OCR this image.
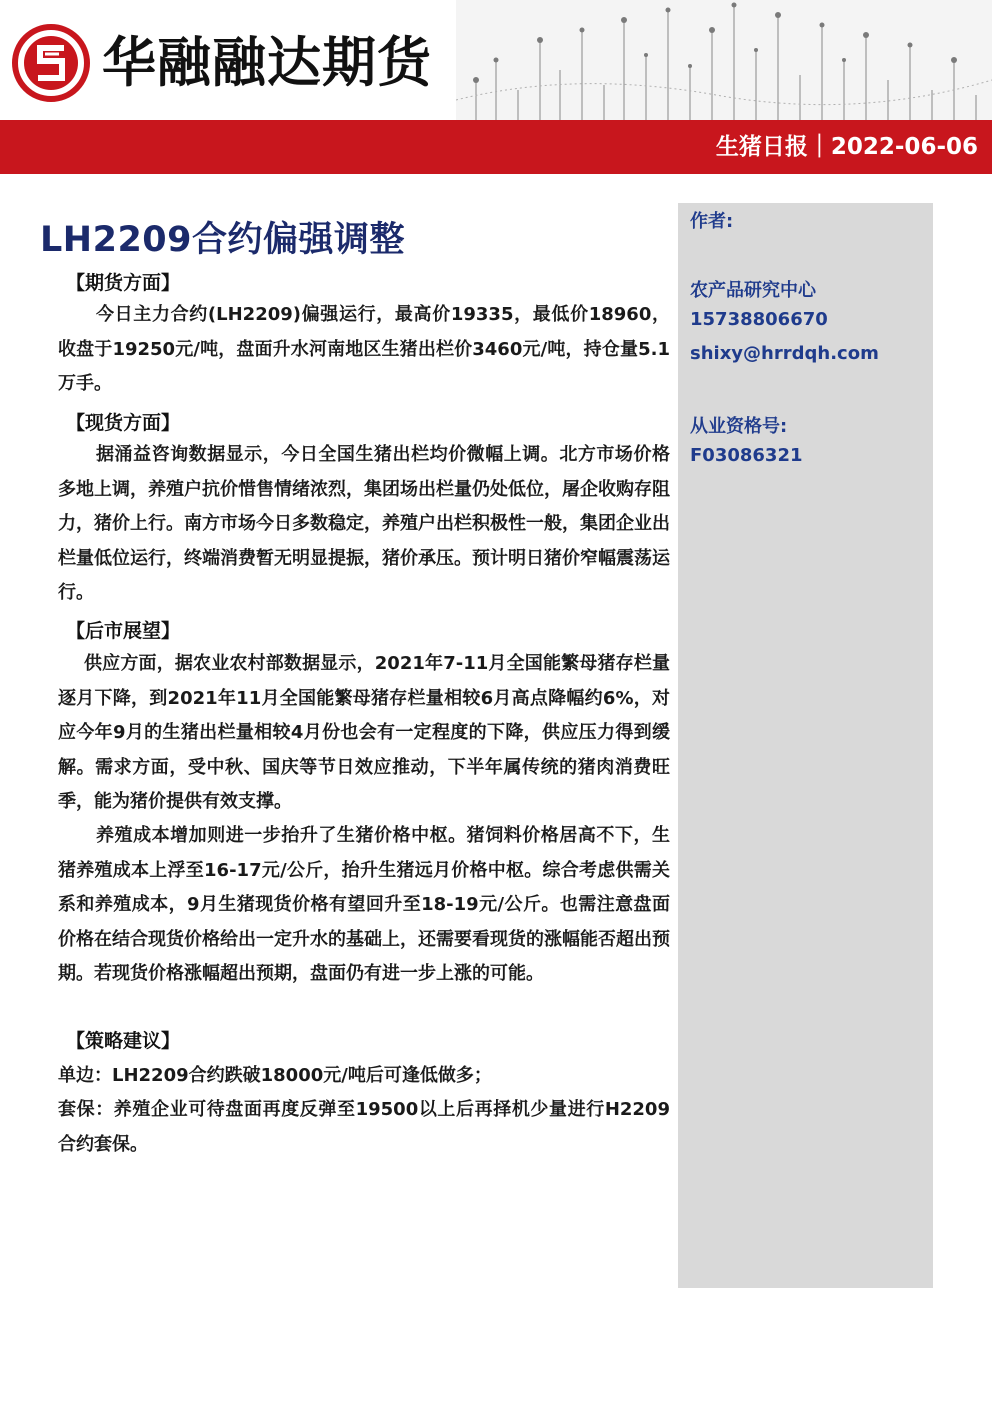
华融融达期货
生猪日报｜2022-06-06
LH2209合约偏强调整
【期货方面】

今日主力合约(LH2209)偏强运行，最高价19335，最低价18960，收盘于19250元/吨，盘面升水河南地区生猪出栏价3460元/吨，持仓量5.1万手。

【现货方面】

据涌益咨询数据显示，今日全国生猪出栏均价微幅上调。北方市场价格多地上调，养殖户抗价惜售情绪浓烈，集团场出栏量仍处低位，屠企收购存阻力，猪价上行。南方市场今日多数稳定，养殖户出栏积极性一般，集团企业出栏量低位运行，终端消费暂无明显提振，猪价承压。预计明日猪价窄幅震荡运行。

【后市展望】

供应方面，据农业农村部数据显示，2021年7-11月全国能繁母猪存栏量逐月下降，到2021年11月全国能繁母猪存栏量相较6月高点降幅约6%，对应今年9月的生猪出栏量相较4月份也会有一定程度的下降，供应压力得到缓解。需求方面，受中秋、国庆等节日效应推动，下半年属传统的猪肉消费旺季，能为猪价提供有效支撑。

养殖成本增加则进一步抬升了生猪价格中枢。猪饲料价格居高不下，生猪养殖成本上浮至16-17元/公斤，抬升生猪远月价格中枢。综合考虑供需关系和养殖成本，9月生猪现货价格有望回升至18-19元/公斤。也需注意盘面价格在结合现货价格给出一定升水的基础上，还需要看现货的涨幅能否超出预期。若现货价格涨幅超出预期，盘面仍有进一步上涨的可能。

【策略建议】

单边：LH2209合约跌破18000元/吨后可逢低做多；

套保：养殖企业可待盘面再度反弹至19500以上后再择机少量进行H2209合约套保。

作者:
农产品研究中心
15738806670
shixy@hrrdqh.com
从业资格号:
F03086321
